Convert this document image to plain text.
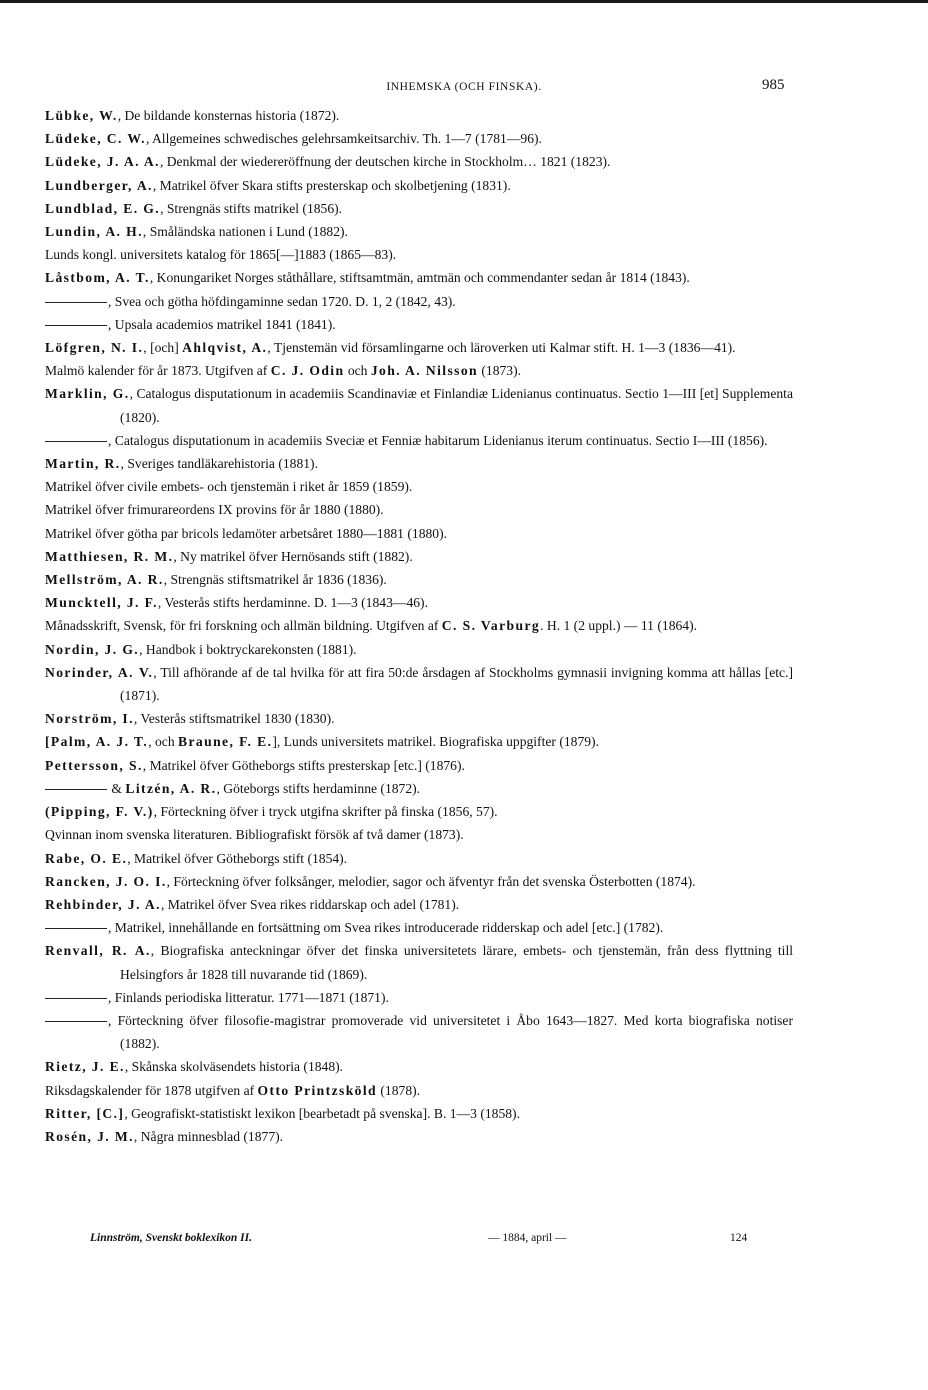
INHEMSKA (OCH FINSKA).	985
Lübke, W., De bildande konsternas historia (1872).
Lüdeke, C. W., Allgemeines schwedisches gelehrsamkeitsarchiv. Th. 1—7 (1781—96).
Lüdeke, J. A. A., Denkmal der wiedereröffnung der deutschen kirche in Stockholm… 1821 (1823).
Lundberger, A., Matrikel öfver Skara stifts presterskap och skolbetjening (1831).
Lundblad, E. G., Strengnäs stifts matrikel (1856).
Lundin, A. H., Småländska nationen i Lund (1882).
Lunds kongl. universitets katalog för 1865[—]1883 (1865—83).
Låstbom, A. T., Konungariket Norges ståthållare, stiftsamtmän, amtmän och commendanter sedan år 1814 (1843).
, Svea och götha höfdingaminne sedan 1720. D. 1, 2 (1842, 43).
, Upsala academios matrikel 1841 (1841).
Löfgren, N. I., [och] Ahlqvist, A., Tjenstemän vid församlingarne och läroverken uti Kalmar stift. H. 1—3 (1836—41).
Malmö kalender för år 1873. Utgifven af C. J. Odin och Joh. A. Nilsson (1873).
Marklin, G., Catalogus disputationum in academiis Scandinaviæ et Finlandiæ Lidenianus continuatus. Sectio 1—III [et] Supplementa (1820).
, Catalogus disputationum in academiis Sveciæ et Fenniæ habitarum Lidenianus iterum continuatus. Sectio I—III (1856).
Martin, R., Sveriges tandläkarehistoria (1881).
Matrikel öfver civile embets- och tjenstemän i riket år 1859 (1859).
Matrikel öfver frimurareordens IX provins för år 1880 (1880).
Matrikel öfver götha par bricols ledamöter arbetsåret 1880—1881 (1880).
Matthiesen, R. M., Ny matrikel öfver Hernösands stift (1882).
Mellström, A. R., Strengnäs stiftsmatrikel år 1836 (1836).
Muncktell, J. F., Vesterås stifts herdaminne. D. 1—3 (1843—46).
Månadsskrift, Svensk, för fri forskning och allmän bildning. Utgifven af C. S. Varburg. H. 1 (2 uppl.) — 11 (1864).
Nordin, J. G., Handbok i boktryckarekonsten (1881).
Norinder, A. V., Till afhörande af de tal hvilka för att fira 50:de årsdagen af Stockholms gymnasii invigning komma att hållas [etc.] (1871).
Norström, I., Vesterås stiftsmatrikel 1830 (1830).
[Palm, A. J. T., och Braune, F. E.], Lunds universitets matrikel. Biografiska uppgifter (1879).
Pettersson, S., Matrikel öfver Götheborgs stifts presterskap [etc.] (1876).
& Litzén, A. R., Göteborgs stifts herdaminne (1872).
(Pipping, F. V.), Förteckning öfver i tryck utgifna skrifter på finska (1856, 57).
Qvinnan inom svenska literaturen. Bibliografiskt försök af två damer (1873).
Rabe, O. E., Matrikel öfver Götheborgs stift (1854).
Rancken, J. O. I., Förteckning öfver folksånger, melodier, sagor och äfventyr från det svenska Österbotten (1874).
Rehbinder, J. A., Matrikel öfver Svea rikes riddarskap och adel (1781).
, Matrikel, innehållande en fortsättning om Svea rikes introducerade ridderskap och adel [etc.] (1782).
Renvall, R. A., Biografiska anteckningar öfver det finska universitetets lärare, embets- och tjenstemän, från dess flyttning till Helsingfors år 1828 till nuvarande tid (1869).
, Finlands periodiska litteratur. 1771—1871 (1871).
, Förteckning öfver filosofie-magistrar promoverade vid universitetet i Åbo 1643—1827. Med korta biografiska notiser (1882).
Rietz, J. E., Skånska skolväsendets historia (1848).
Riksdagskalender för 1878 utgifven af Otto Printzsköld (1878).
Ritter, [C.], Geografiskt-statistiskt lexikon [bearbetadt på svenska]. B. 1—3 (1858).
Rosén, J. M., Några minnesblad (1877).
Linnström, Svenskt boklexikon II.	— 1884, april —	124
